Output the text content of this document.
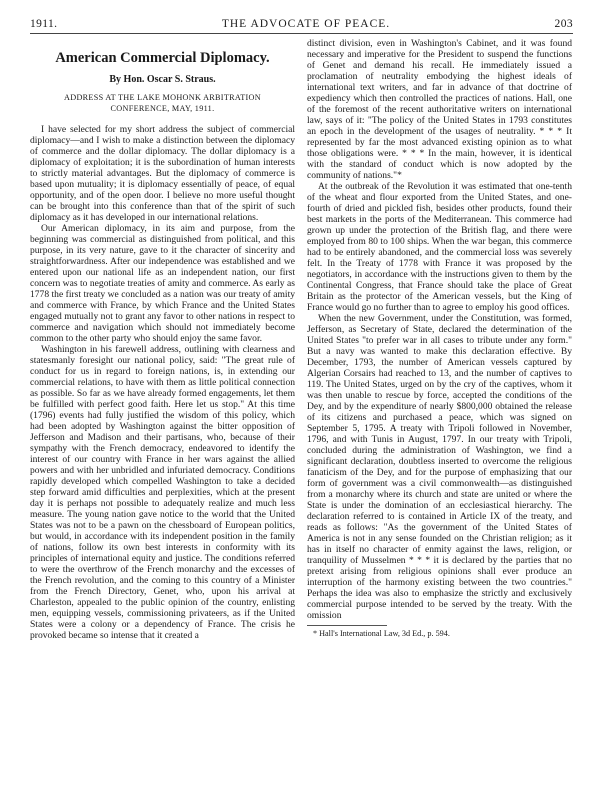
1911.	THE ADVOCATE OF PEACE.	203
American Commercial Diplomacy.
By Hon. Oscar S. Straus.
ADDRESS AT THE LAKE MOHONK ARBITRATION CONFERENCE, MAY, 1911.

I have selected for my short address the subject of commercial diplomacy—and I wish to make a distinction between the diplomacy of commerce and the dollar diplomacy. The dollar diplomacy is a diplomacy of exploitation; it is the subordination of human interests to strictly material advantages. But the diplomacy of commerce is based upon mutuality; it is diplomacy essentially of peace, of equal opportunity, and of the open door. I believe no more useful thought can be brought into this conference than that of the spirit of such diplomacy as it has developed in our international relations.

Our American diplomacy, in its aim and purpose, from the beginning was commercial as distinguished from political, and this purpose, in its very nature, gave to it the character of sincerity and straightforwardness. After our independence was established and we entered upon our national life as an independent nation, our first concern was to negotiate treaties of amity and commerce. As early as 1778 the first treaty we concluded as a nation was our treaty of amity and commerce with France, by which France and the United States engaged mutually not to grant any favor to other nations in respect to commerce and navigation which should not immediately become common to the other party who should enjoy the same favor.

Washington in his farewell address, outlining with clearness and statesmanly foresight our national policy, said: "The great rule of conduct for us in regard to foreign nations, is, in extending our commercial relations, to have with them as little political connection as possible. So far as we have already formed engagements, let them be fulfilled with perfect good faith. Here let us stop." At this time (1796) events had fully justified the wisdom of this policy, which had been adopted by Washington against the bitter opposition of Jefferson and Madison and their partisans, who, because of their sympathy with the French democracy, endeavored to identify the interest of our country with France in her wars against the allied powers and with her unbridled and infuriated democracy. Conditions rapidly developed which compelled Washington to take a decided step forward amid difficulties and perplexities, which at the present day it is perhaps not possible to adequately realize and much less measure. The young nation gave notice to the world that the United States was not to be a pawn on the chessboard of European politics, but would, in accordance with its independent position in the family of nations, follow its own best interests in conformity with its principles of international equity and justice. The conditions referred to were the overthrow of the French monarchy and the excesses of the French revolution, and the coming to this country of a Minister from the French Directory, Genet, who, upon his arrival at Charleston, appealed to the public opinion of the country, enlisting men, equipping vessels, commissioning privateers, as if the United States were a colony or a dependency of France. The crisis he provoked became so intense that it created a

distinct division, even in Washington's Cabinet, and it was found necessary and imperative for the President to suspend the functions of Genet and demand his recall. He immediately issued a proclamation of neutrality embodying the highest ideals of international text writers, and far in advance of that doctrine of expediency which then controlled the practices of nations. Hall, one of the foremost of the recent authoritative writers on international law, says of it: "The policy of the United States in 1793 constitutes an epoch in the development of the usages of neutrality. * * * It represented by far the most advanced existing opinion as to what those obligations were. * * * In the main, however, it is identical with the standard of conduct which is now adopted by the community of nations."*

At the outbreak of the Revolution it was estimated that one-tenth of the wheat and flour exported from the United States, and one-fourth of dried and pickled fish, besides other products, found their best markets in the ports of the Mediterranean. This commerce had grown up under the protection of the British flag, and there were employed from 80 to 100 ships. When the war began, this commerce had to be entirely abandoned, and the commercial loss was severely felt. In the Treaty of 1778 with France it was proposed by the negotiators, in accordance with the instructions given to them by the Continental Congress, that France should take the place of Great Britain as the protector of the American vessels, but the King of France would go no further than to agree to employ his good offices.

When the new Government, under the Constitution, was formed, Jefferson, as Secretary of State, declared the determination of the United States "to prefer war in all cases to tribute under any form." But a navy was wanted to make this declaration effective. By December, 1793, the number of American vessels captured by Algerian Corsairs had reached to 13, and the number of captives to 119. The United States, urged on by the cry of the captives, whom it was then unable to rescue by force, accepted the conditions of the Dey, and by the expenditure of nearly $800,000 obtained the release of its citizens and purchased a peace, which was signed on September 5, 1795. A treaty with Tripoli followed in November, 1796, and with Tunis in August, 1797. In our treaty with Tripoli, concluded during the administration of Washington, we find a significant declaration, doubtless inserted to overcome the religious fanaticism of the Dey, and for the purpose of emphasizing that our form of government was a civil commonwealth—as distinguished from a monarchy where its church and state are united or where the State is under the domination of an ecclesiastical hierarchy. The declaration referred to is contained in Article IX of the treaty, and reads as follows: "As the government of the United States of America is not in any sense founded on the Christian religion; as it has in itself no character of enmity against the laws, religion, or tranquility of Musselmen * * * it is declared by the parties that no pretext arising from religious opinions shall ever produce an interruption of the harmony existing between the two countries." Perhaps the idea was also to emphasize the strictly and exclusively commercial purpose intended to be served by the treaty. With the omission

* Hall's International Law, 3d Ed., p. 594.
